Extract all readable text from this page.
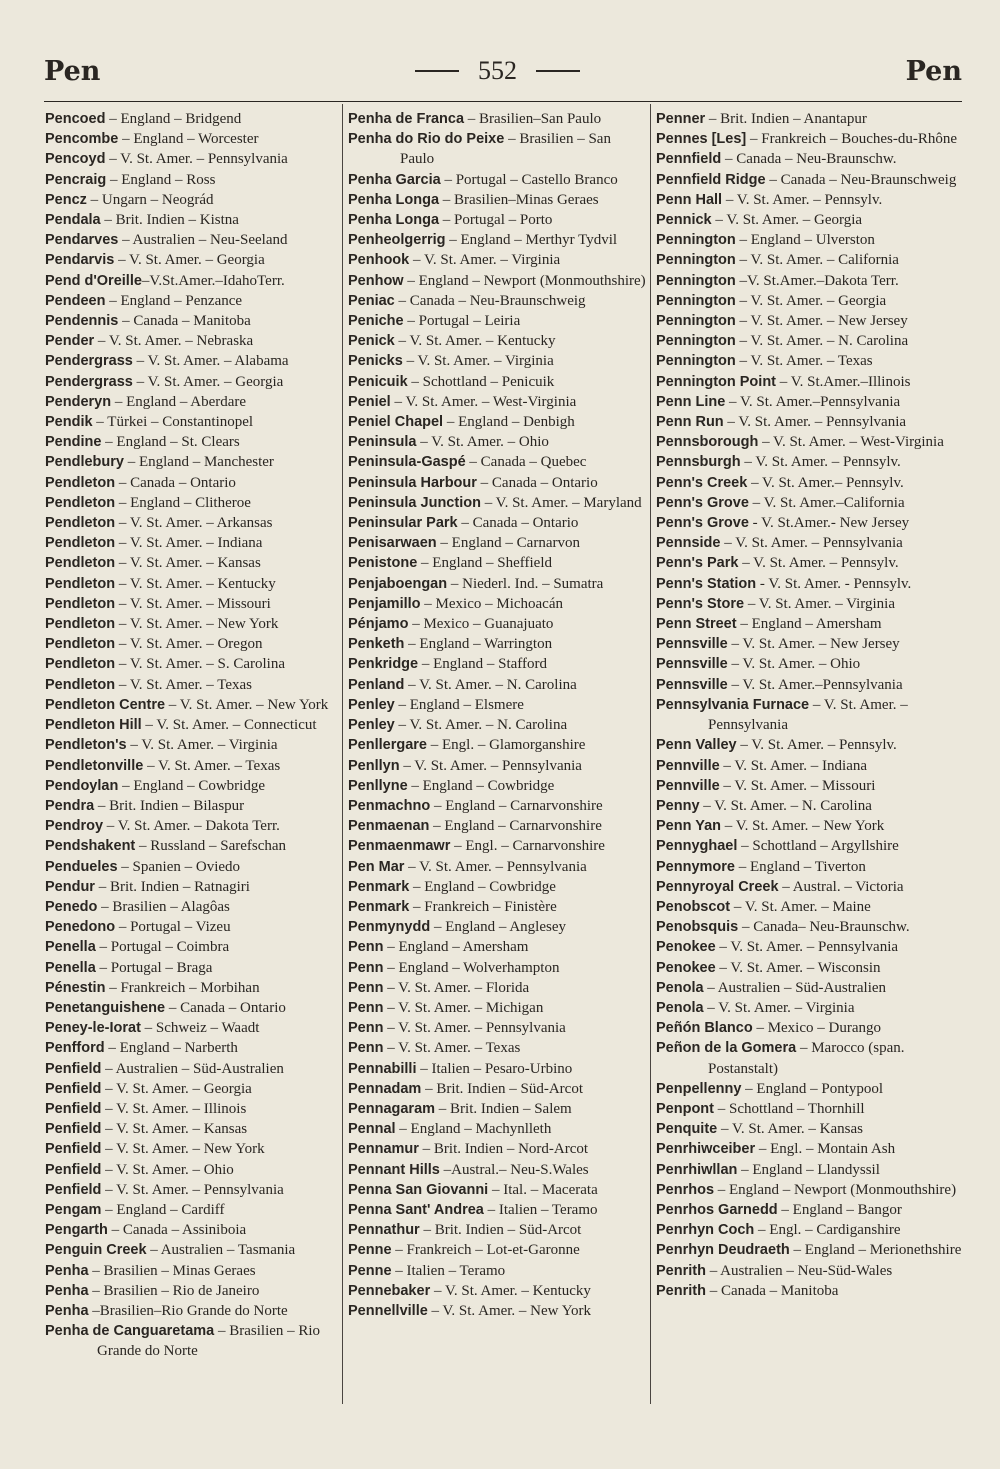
Pen	552	Pen

Pencoed – England – Bridgend

Pencombe – England – Worcester

Pencoyd – V. St. Amer. – Pennsylvania

Pencraig – England – Ross

Pencz – Ungarn – Neográd

Pendala – Brit. Indien – Kistna

Pendarves – Australien – Neu-Seeland

Pendarvis – V. St. Amer. – Georgia

Pend d'Oreille–V.St.Amer.–IdahoTerr.

Pendeen – England – Penzance

Pendennis – Canada – Manitoba

Pender – V. St. Amer. – Nebraska

Pendergrass – V. St. Amer. – Alabama

Pendergrass – V. St. Amer. – Georgia

Penderyn – England – Aberdare

Pendik – Türkei – Constantinopel

Pendine – England – St. Clears

Pendlebury – England – Manchester

Pendleton – Canada – Ontario

Pendleton – England – Clitheroe

Pendleton – V. St. Amer. – Arkansas

Pendleton – V. St. Amer. – Indiana

Pendleton – V. St. Amer. – Kansas

Pendleton – V. St. Amer. – Kentucky

Pendleton – V. St. Amer. – Missouri

Pendleton – V. St. Amer. – New York

Pendleton – V. St. Amer. – Oregon

Pendleton – V. St. Amer. – S. Carolina

Pendleton – V. St. Amer. – Texas

Pendleton Centre – V. St. Amer. – New York

Pendleton Hill – V. St. Amer. – Connecticut

Pendleton's – V. St. Amer. – Virginia

Pendletonville – V. St. Amer. – Texas

Pendoylan – England – Cowbridge

Pendra – Brit. Indien – Bilaspur

Pendroy – V. St. Amer. – Dakota Terr.

Pendshakent – Russland – Sarefschan

Pendueles – Spanien – Oviedo

Pendur – Brit. Indien – Ratnagiri

Penedo – Brasilien – Alagôas

Penedono – Portugal – Vizeu

Penella – Portugal – Coimbra

Penella – Portugal – Braga

Pénestin – Frankreich – Morbihan

Penetanguishene – Canada – Ontario

Peney-le-Iorat – Schweiz – Waadt

Penfford – England – Narberth

Penfield – Australien – Süd-Australien

Penfield – V. St. Amer. – Georgia

Penfield – V. St. Amer. – Illinois

Penfield – V. St. Amer. – Kansas

Penfield – V. St. Amer. – New York

Penfield – V. St. Amer. – Ohio

Penfield – V. St. Amer. – Pennsylvania

Pengam – England – Cardiff

Pengarth – Canada – Assiniboia

Penguin Creek – Australien – Tasmania

Penha – Brasilien – Minas Geraes

Penha – Brasilien – Rio de Janeiro

Penha –Brasilien–Rio Grande do Norte

Penha de Canguaretama – Brasilien – Rio Grande do Norte

Penha de Franca – Brasilien–San Paulo

Penha do Rio do Peixe – Brasilien – San Paulo

Penha Garcia – Portugal – Castello Branco

Penha Longa – Brasilien–Minas Geraes

Penha Longa – Portugal – Porto

Penheolgerrig – England – Merthyr Tydvil

Penhook – V. St. Amer. – Virginia

Penhow – England – Newport (Monmouthshire)

Peniac – Canada – Neu-Braunschweig

Peniche – Portugal – Leiria

Penick – V. St. Amer. – Kentucky

Penicks – V. St. Amer. – Virginia

Penicuik – Schottland – Penicuik

Peniel – V. St. Amer. – West-Virginia

Peniel Chapel – England – Denbigh

Peninsula – V. St. Amer. – Ohio

Peninsula-Gaspé – Canada – Quebec

Peninsula Harbour – Canada – Ontario

Peninsula Junction – V. St. Amer. – Maryland

Peninsular Park – Canada – Ontario

Penisarwaen – England – Carnarvon

Penistone – England – Sheffield

Penjaboengan – Niederl. Ind. – Sumatra

Penjamillo – Mexico – Michoacán

Pénjamo – Mexico – Guanajuato

Penketh – England – Warrington

Penkridge – England – Stafford

Penland – V. St. Amer. – N. Carolina

Penley – England – Elsmere

Penley – V. St. Amer. – N. Carolina

Penllergare – Engl. – Glamorganshire

Penllyn – V. St. Amer. – Pennsylvania

Penllyne – England – Cowbridge

Penmachno – England – Carnarvonshire

Penmaenan – England – Carnarvonshire

Penmaenmawr – Engl. – Carnarvonshire

Pen Mar – V. St. Amer. – Pennsylvania

Penmark – England – Cowbridge

Penmark – Frankreich – Finistère

Penmynydd – England – Anglesey

Penn – England – Amersham

Penn – England – Wolverhampton

Penn – V. St. Amer. – Florida

Penn – V. St. Amer. – Michigan

Penn – V. St. Amer. – Pennsylvania

Penn – V. St. Amer. – Texas

Pennabilli – Italien – Pesaro-Urbino

Pennadam – Brit. Indien – Süd-Arcot

Pennagaram – Brit. Indien – Salem

Pennal – England – Machynlleth

Pennamur – Brit. Indien – Nord-Arcot

Pennant Hills –Austral.– Neu-S.Wales

Penna San Giovanni – Ital. – Macerata

Penna Sant' Andrea – Italien – Teramo

Pennathur – Brit. Indien – Süd-Arcot

Penne – Frankreich – Lot-et-Garonne

Penne – Italien – Teramo

Pennebaker – V. St. Amer. – Kentucky

Pennellville – V. St. Amer. – New York

Penner – Brit. Indien – Anantapur

Pennes [Les] – Frankreich – Bouches-du-Rhône

Pennfield – Canada – Neu-Braunschw.

Pennfield Ridge – Canada – Neu-Braunschweig

Penn Hall – V. St. Amer. – Pennsylv.

Pennick – V. St. Amer. – Georgia

Pennington – England – Ulverston

Pennington – V. St. Amer. – California

Pennington –V. St.Amer.–Dakota Terr.

Pennington – V. St. Amer. – Georgia

Pennington – V. St. Amer. – New Jersey

Pennington – V. St. Amer. – N. Carolina

Pennington – V. St. Amer. – Texas

Pennington Point – V. St.Amer.–Illinois

Penn Line – V. St. Amer.–Pennsylvania

Penn Run – V. St. Amer. – Pennsylvania

Pennsborough – V. St. Amer. – West-Virginia

Pennsburgh – V. St. Amer. – Pennsylv.

Penn's Creek – V. St. Amer.– Pennsylv.

Penn's Grove – V. St. Amer.–California

Penn's Grove - V. St.Amer.- New Jersey

Pennside – V. St. Amer. – Pennsylvania

Penn's Park – V. St. Amer. – Pennsylv.

Penn's Station - V. St. Amer. - Pennsylv.

Penn's Store – V. St. Amer. – Virginia

Penn Street – England – Amersham

Pennsville – V. St. Amer. – New Jersey

Pennsville – V. St. Amer. – Ohio

Pennsville – V. St. Amer.–Pennsylvania

Pennsylvania Furnace – V. St. Amer. – Pennsylvania

Penn Valley – V. St. Amer. – Pennsylv.

Pennville – V. St. Amer. – Indiana

Pennville – V. St. Amer. – Missouri

Penny – V. St. Amer. – N. Carolina

Penn Yan – V. St. Amer. – New York

Pennyghael – Schottland – Argyllshire

Pennymore – England – Tiverton

Pennyroyal Creek – Austral. – Victoria

Penobscot – V. St. Amer. – Maine

Penobsquis – Canada– Neu-Braunschw.

Penokee – V. St. Amer. – Pennsylvania

Penokee – V. St. Amer. – Wisconsin

Penola – Australien – Süd-Australien

Penola – V. St. Amer. – Virginia

Peñón Blanco – Mexico – Durango

Peñon de la Gomera – Marocco (span. Postanstalt)

Penpellenny – England – Pontypool

Penpont – Schottland – Thornhill

Penquite – V. St. Amer. – Kansas

Penrhiwceiber – Engl. – Montain Ash

Penrhiwllan – England – Llandyssil

Penrhos – England – Newport (Monmouthshire)

Penrhos Garnedd – England – Bangor

Penrhyn Coch – Engl. – Cardiganshire

Penrhyn Deudraeth – England – Merionethshire

Penrith – Australien – Neu-Süd-Wales

Penrith – Canada – Manitoba
